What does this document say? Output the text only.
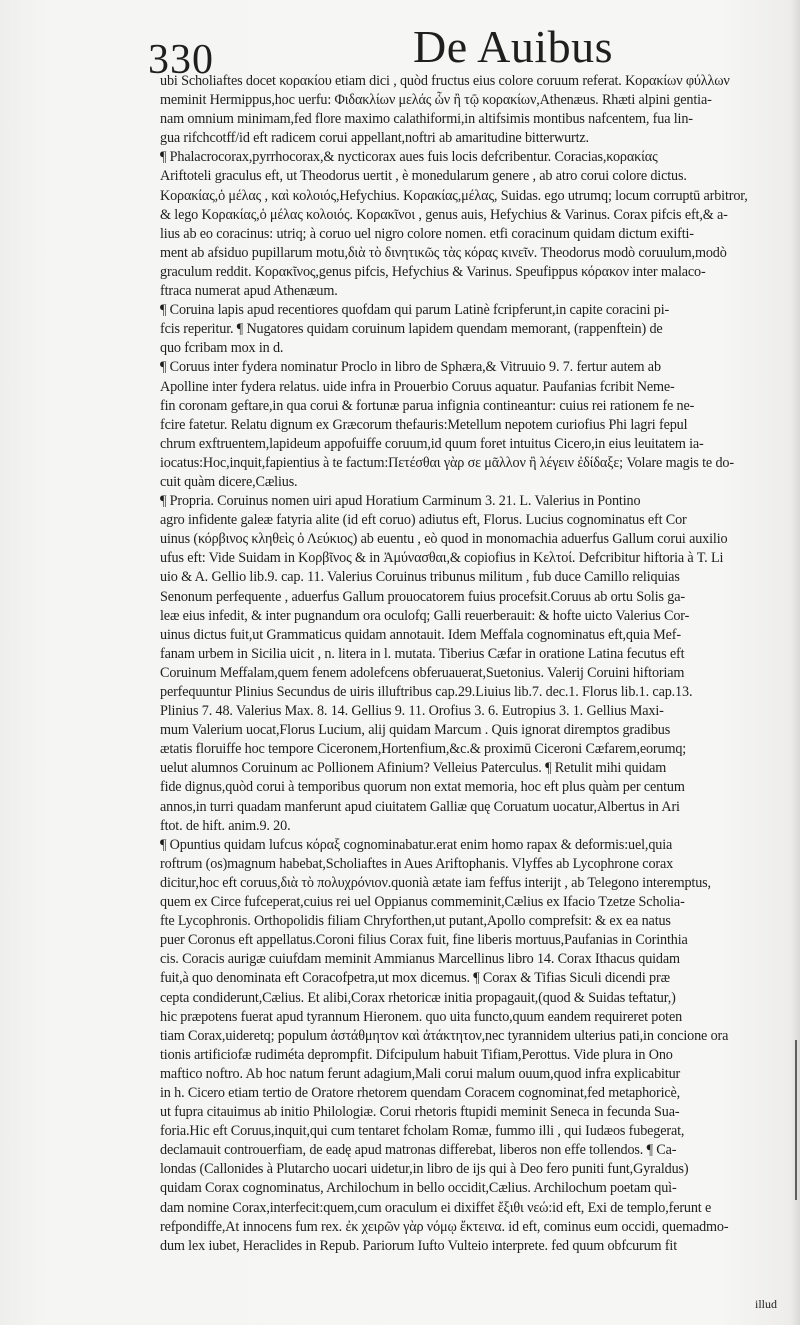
330	De Auibus
ubi Scholiaftes docet κορακίου etiam dici , quòd fructus eius colore coruum referat. Κορακίων φύλλων
meminit Hermippus,hoc uerfu: Φιδακλίων μελάς ὧν ἢ τῷ κορακίων,Athenæus. Rhæti alpini gentia-
nam omnium minimam,fed flore maximo calathiformi,in altifsimis montibus nafcentem, fua lin-
gua rifchcotff/id eft radicem corui appellant,noftri ab amaritudine bitterwurtz.
¶ Phalacrocorax,pyrrhocorax,& nycticorax aues fuis locis defcribentur. Coracias,κορακίας
Ariftoteli graculus eft, ut Theodorus uertit , è monedularum genere , ab atro corui colore dictus.
Κορακίας,ὁ μέλας , καὶ κολοιός,Hefychius. Κορακίας,μέλας, Suidas. ego utrumq; locum corruptū arbitror,
& lego Κορακίας,ὁ μέλας κολοιός. Κορακῖνοι , genus auis, Hefychius & Varinus. Corax pifcis eft,& a-
lius ab eo coracinus: utriq; à coruo uel nigro colore nomen. etfi coracinum quidam dictum exifti-
ment ab afsiduo pupillarum motu,διὰ τὸ δινητικῶς τὰς κόρας κινεῖν. Theodorus modò coruulum,modò
graculum reddit. Κορακῖνος,genus pifcis, Hefychius & Varinus. Speufippus κόρακον inter malaco-
ftraca numerat apud Athenæum.
¶ Coruina lapis apud recentiores quofdam qui parum Latinè fcripferunt,in capite coracini pi-
fcis reperitur. ¶ Nugatores quidam coruinum lapidem quendam memorant, (rappenftein) de
quo fcribam mox in d.
¶ Coruus inter fydera nominatur Proclo in libro de Sphæra,& Vitruuio 9. 7. fertur autem ab
Apolline inter fydera relatus. uide infra in Prouerbio Coruus aquatur. Paufanias fcribit Neme-
fin coronam geftare,in qua corui & fortunæ parua infignia contineantur: cuius rei rationem fe ne-
fcire fatetur. Relatu dignum ex Græcorum thefauris:Metellum nepotem curiofius Phi lagri fepul
chrum exftruentem,lapideum appofuiffe coruum,id quum foret intuitus Cicero,in eius leuitatem ia-
iocatus:Hoc,inquit,fapientius à te factum:Πετέσθαι γὰρ σε μᾶλλον ἢ λέγειν ἐδίδαξε; Volare magis te do-
cuit quàm dicere,Cælius.
¶ Propria. Coruinus nomen uiri apud Horatium Carminum 3. 21. L. Valerius in Pontino
agro infidente galeæ fatyria alite (id eft coruo) adiutus eft, Florus. Lucius cognominatus eft Cor
uinus (κόρβινος κληθεὶς ὁ Λεύκιος) ab euentu , eò quod in monomachia aduerfus Gallum corui auxilio
ufus eft: Vide Suidam in Κορβῖνος & in Ἀμύνασθαι,& copiofius in Κελτοί. Defcribitur hiftoria à T. Li
uio & A. Gellio lib.9. cap. 11. Valerius Coruinus tribunus militum , fub duce Camillo reliquias
Senonum perfequente , aduerfus Gallum prouocatorem fuius procefsit.Coruus ab ortu Solis ga-
leæ eius infedit, & inter pugnandum ora oculofq; Galli reuerberauit: & hofte uicto Valerius Cor-
uinus dictus fuit,ut Grammaticus quidam annotauit. Idem Meffala cognominatus eft,quia Mef-
fanam urbem in Sicilia uicit , n. litera in l. mutata. Tiberius Cæfar in oratione Latina fecutus eft
Coruinum Meffalam,quem fenem adolefcens obferuauerat,Suetonius. Valerij Coruini hiftoriam
perfequuntur Plinius Secundus de uiris illuftribus cap.29.Liuius lib.7. dec.1. Florus lib.1. cap.13.
Plinius 7. 48. Valerius Max. 8. 14. Gellius 9. 11. Orofius 3. 6. Eutropius 3. 1. Gellius Maxi-
mum Valerium uocat,Florus Lucium, alij quidam Marcum . Quis ignorat diremptos gradibus
ætatis floruiffe hoc tempore Ciceronem,Hortenfium,&c.& proximū Ciceroni Cæfarem,eorumq;
uelut alumnos Coruinum ac Pollionem Afinium? Velleius Paterculus. ¶ Retulit mihi quidam
fide dignus,quòd corui à temporibus quorum non extat memoria, hoc eft plus quàm per centum
annos,in turri quadam manferunt apud ciuitatem Galliæ quę Coruatum uocatur,Albertus in Ari
ftot. de hift. anim.9. 20.
¶ Opuntius quidam lufcus κόραξ cognominabatur.erat enim homo rapax & deformis:uel,quia
roftrum (os)magnum habebat,Scholiaftes in Aues Ariftophanis. Vlyffes ab Lycophrone corax
dicitur,hoc eft coruus,διὰ τὸ πολυχρόνιον.quonià ætate iam feffus interijt , ab Telegono interemptus,
quem ex Circe fufceperat,cuius rei uel Oppianus commeminit,Cælius ex Ifacio Tzetze Scholia-
fte Lycophronis. Orthopolidis filiam Chryforthen,ut putant,Apollo comprefsit: & ex ea natus
puer Coronus eft appellatus.Coroni filius Corax fuit, fine liberis mortuus,Paufanias in Corinthia
cis. Coracis aurigæ cuiufdam meminit Ammianus Marcellinus libro 14. Corax Ithacus quidam
fuit,à quo denominata eft Coracofpetra,ut mox dicemus. ¶ Corax & Tifias Siculi dicendi præ
cepta condiderunt,Cælius. Et alibi,Corax rhetoricæ initia propagauit,(quod & Suidas teftatur,)
hic præpotens fuerat apud tyrannum Hieronem. quo uita functo,quum eandem requireret poten
tiam Corax,uideretq; populum ἀστάθμητον καὶ ἀτάκτητον,nec tyrannidem ulterius pati,in concione ora
tionis artificiofæ rudiméta deprompfit. Difcipulum habuit Tifiam,Perottus. Vide plura in Ono
maftico noftro. Ab hoc natum ferunt adagium,Mali corui malum ouum,quod infra explicabitur
in h. Cicero etiam tertio de Oratore rhetorem quendam Coracem cognominat,fed metaphoricè,
ut fupra citauimus ab initio Philologiæ. Corui rhetoris ftupidi meminit Seneca in fecunda Sua-
foria.Hic eft Coruus,inquit,qui cum tentaret fcholam Romæ, fummo illi , qui Iudæos fubegerat,
declamauit controuerfiam, de eadę apud matronas differebat, liberos non effe tollendos. ¶ Ca-
londas (Callonides à Plutarcho uocari uidetur,in libro de ijs qui à Deo fero puniti funt,Gyraldus)
quidam Corax cognominatus, Archilochum in bello occidit,Cælius. Archilochum poetam quì-
dam nomine Corax,interfecit:quem,cum oraculum ei dixiffet ἔξιθι νεώ:id eft, Exi de templo,ferunt e
refpondiffe,At innocens fum rex. ἐκ χειρῶν γὰρ νόμῳ ἔκτεινα. id eft, cominus eum occidi, quemadmo-
dum lex iubet, Heraclides in Repub. Pariorum Iufto Vulteio interprete. fed quum obfcurum fit
illud
